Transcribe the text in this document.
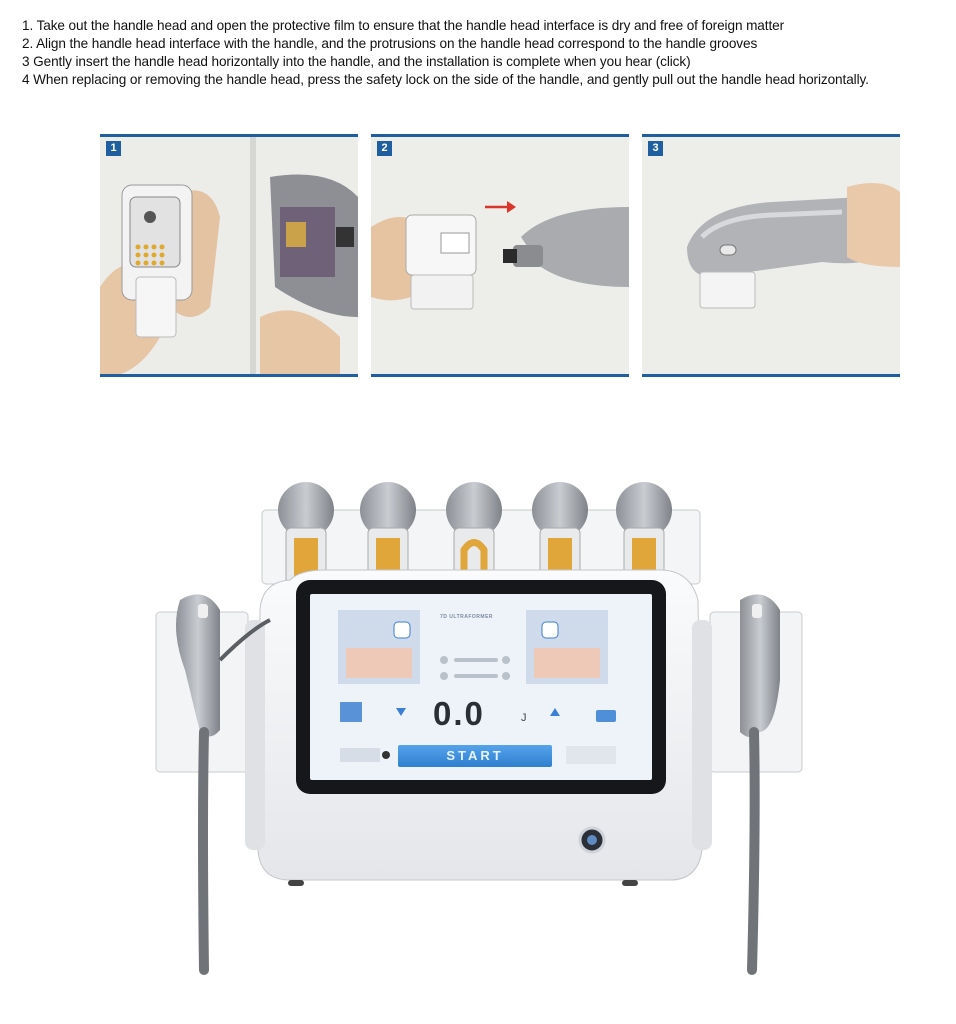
1. Take out the handle head and open the protective film to ensure that the handle head interface is dry and free of foreign matter
2. Align the handle head interface with the handle, and the protrusions on the handle head correspond to the handle grooves
3 Gently insert the handle head horizontally into the handle, and the installation is complete when you hear (click)
4 When replacing or removing the handle head, press the safety lock on the side of the handle, and gently pull out the handle head horizontally.
1	2	3
7D ULTRAFORMER
0.0	J
START
